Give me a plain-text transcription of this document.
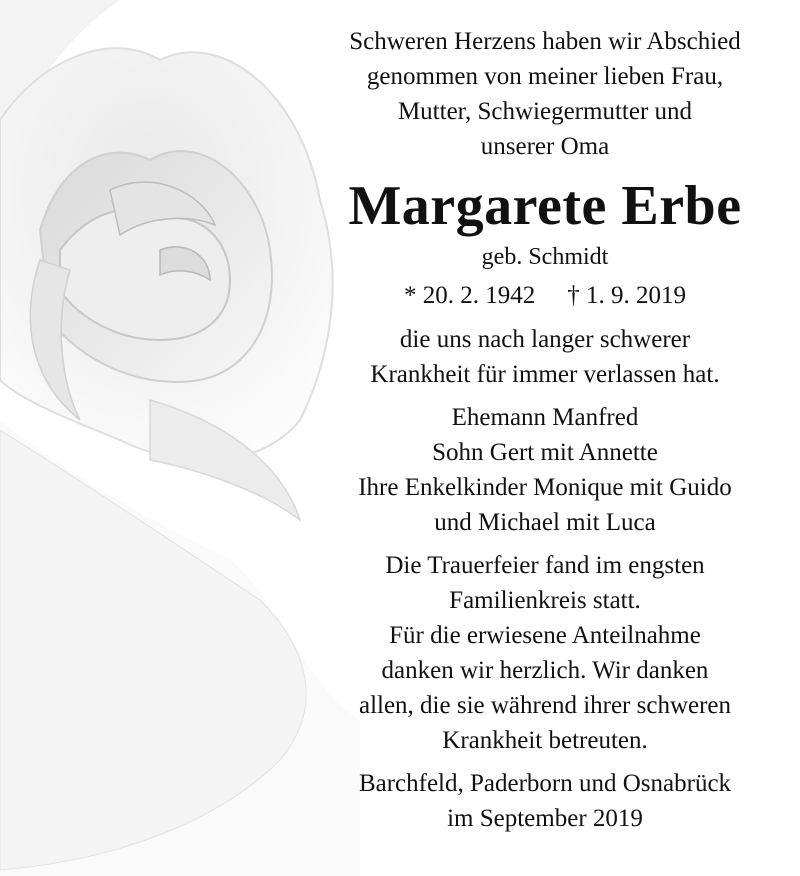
Schweren Herzens haben wir Abschied
genommen von meiner lieben Frau,
Mutter, Schwiegermutter und
unserer Oma
Margarete Erbe
geb. Schmidt
* 20. 2. 1942 † 1. 9. 2019
die uns nach langer schwerer
Krankheit für immer verlassen hat.
Ehemann Manfred
Sohn Gert mit Annette
Ihre Enkelkinder Monique mit Guido
und Michael mit Luca
Die Trauerfeier fand im engsten
Familienkreis statt.
Für die erwiesene Anteilnahme
danken wir herzlich. Wir danken
allen, die sie während ihrer schweren
Krankheit betreuten.
Barchfeld, Paderborn und Osnabrück
im September 2019
